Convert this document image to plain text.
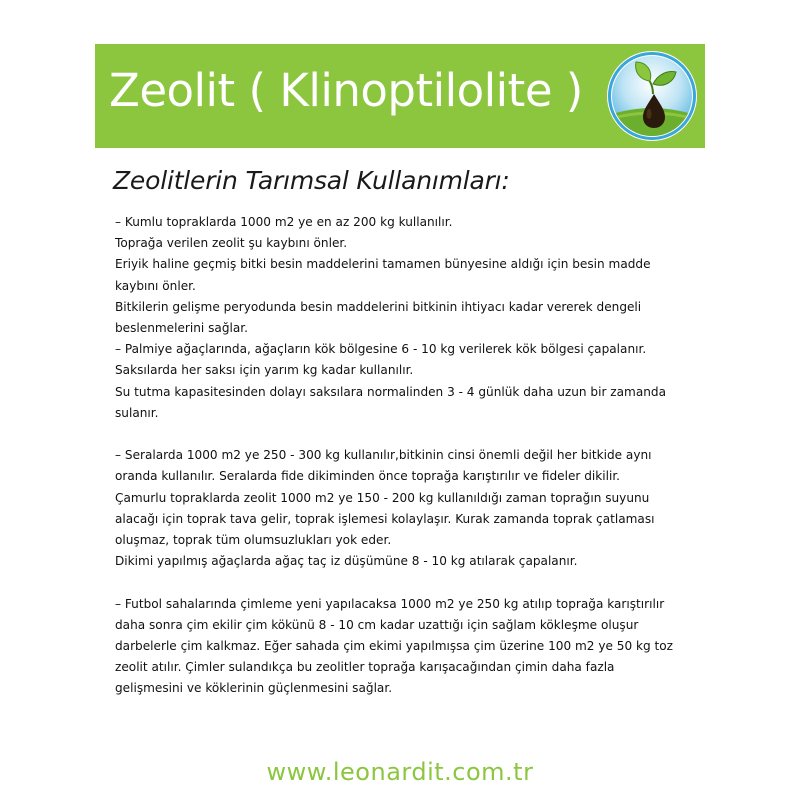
Zeolit ( Klinoptilolite )
Zeolitlerin Tarımsal Kullanımları:
– Kumlu topraklarda 1000 m2 ye en az 200 kg kullanılır.
Toprağa verilen zeolit şu kaybını önler.
Eriyik haline geçmiş bitki besin maddelerini tamamen bünyesine aldığı için besin madde
kaybını önler.
Bitkilerin gelişme peryodunda besin maddelerini bitkinin ihtiyacı kadar vererek dengeli
beslenmelerini sağlar.
– Palmiye ağaçlarında, ağaçların kök bölgesine 6 - 10 kg verilerek kök bölgesi çapalanır.
Saksılarda her saksı için yarım kg kadar kullanılır.
Su tutma kapasitesinden dolayı saksılara normalinden 3 - 4 günlük daha uzun bir zamanda
sulanır.
– Seralarda 1000 m2 ye 250 - 300 kg kullanılır,bitkinin cinsi önemli değil her bitkide aynı
oranda kullanılır. Seralarda fide dikiminden önce toprağa karıştırılır ve fideler dikilir.
Çamurlu topraklarda zeolit 1000 m2 ye 150 - 200 kg kullanıldığı zaman toprağın suyunu
alacağı için toprak tava gelir, toprak işlemesi kolaylaşır. Kurak zamanda toprak çatlaması
oluşmaz, toprak tüm olumsuzlukları yok eder.
Dikimi yapılmış ağaçlarda ağaç taç iz düşümüne 8 - 10 kg atılarak çapalanır.
– Futbol sahalarında çimleme yeni yapılacaksa 1000 m2 ye 250 kg atılıp toprağa karıştırılır
daha sonra çim ekilir çim kökünü 8 - 10 cm kadar uzattığı için sağlam kökleşme oluşur
darbelerle çim kalkmaz. Eğer sahada çim ekimi yapılmışsa çim üzerine 100 m2 ye 50 kg toz
zeolit atılır. Çimler sulandıkça bu zeolitler toprağa karışacağından çimin daha fazla
gelişmesini ve köklerinin güçlenmesini sağlar.
www.leonardit.com.tr
